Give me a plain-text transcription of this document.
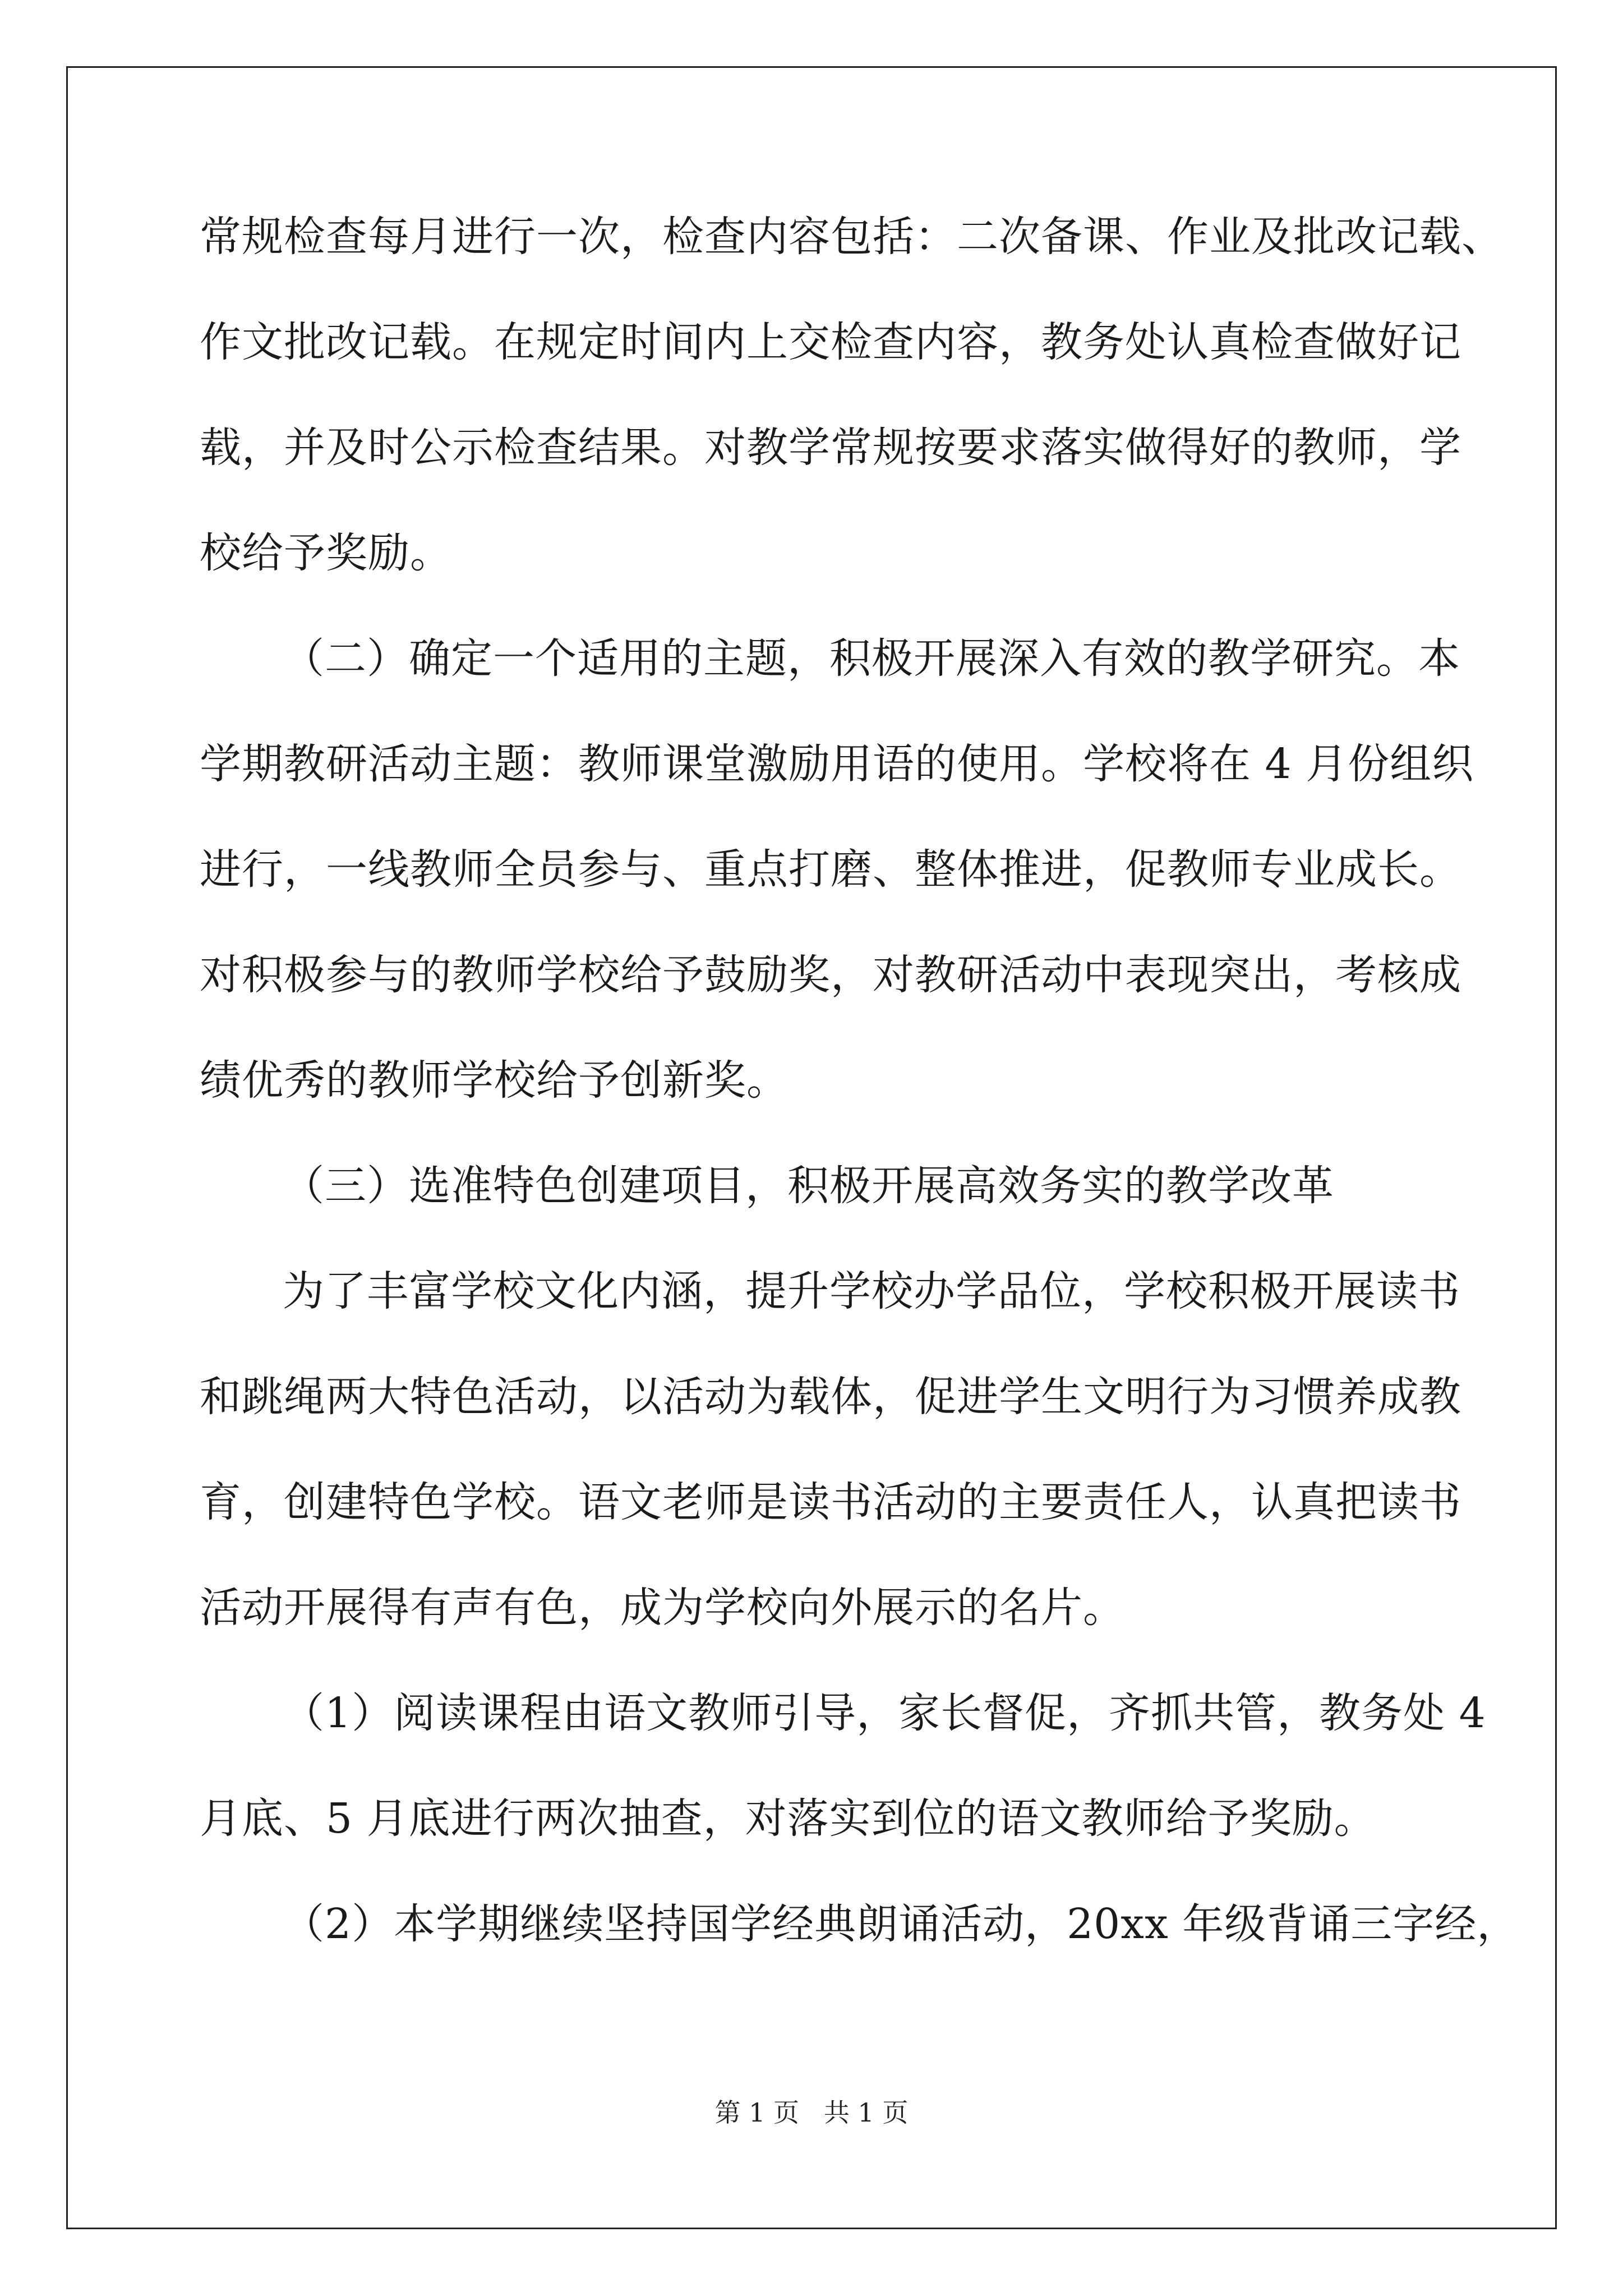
常规检查每月进行一次，检查内容包括：二次备课、作业及批改记载、
作文批改记载。在规定时间内上交检查内容，教务处认真检查做好记
载，并及时公示检查结果。对教学常规按要求落实做得好的教师，学
校给予奖励。
（二）确定一个适用的主题，积极开展深入有效的教学研究。本
学期教研活动主题：教师课堂激励用语的使用。学校将在 4 月份组织
进行，一线教师全员参与、重点打磨、整体推进，促教师专业成长。
对积极参与的教师学校给予鼓励奖，对教研活动中表现突出，考核成
绩优秀的教师学校给予创新奖。
（三）选准特色创建项目，积极开展高效务实的教学改革
为了丰富学校文化内涵，提升学校办学品位，学校积极开展读书
和跳绳两大特色活动，以活动为载体，促进学生文明行为习惯养成教
育，创建特色学校。语文老师是读书活动的主要责任人，认真把读书
活动开展得有声有色，成为学校向外展示的名片。
（1）阅读课程由语文教师引导，家长督促，齐抓共管，教务处 4
月底、5 月底进行两次抽查，对落实到位的语文教师给予奖励。
（2）本学期继续坚持国学经典朗诵活动，20xx 年级背诵三字经，
第 1 页   共 1 页
